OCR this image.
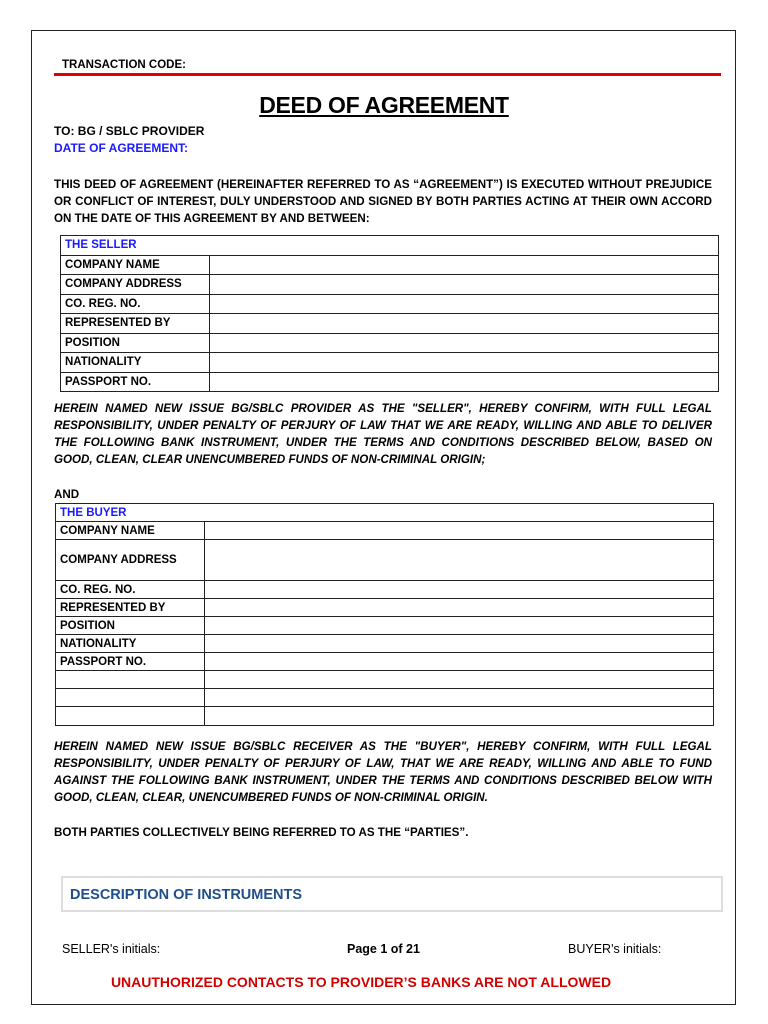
TRANSACTION CODE:
DEED OF AGREEMENT
TO: BG / SBLC PROVIDER
DATE OF AGREEMENT:
THIS DEED OF AGREEMENT (HEREINAFTER REFERRED TO AS “AGREEMENT”) IS EXECUTED WITHOUT PREJUDICE OR CONFLICT OF INTEREST, DULY UNDERSTOOD AND SIGNED BY BOTH PARTIES ACTING AT THEIR OWN ACCORD ON THE DATE OF THIS AGREEMENT BY AND BETWEEN:
THE SELLER	
COMPANY NAME	
COMPANY ADDRESS	
CO. REG. NO.	
REPRESENTED BY	
POSITION	
NATIONALITY	
PASSPORT NO.	
HEREIN NAMED NEW ISSUE BG/SBLC PROVIDER AS THE "SELLER", HEREBY CONFIRM, WITH FULL LEGAL RESPONSIBILITY, UNDER PENALTY OF PERJURY OF LAW THAT WE ARE READY, WILLING AND ABLE TO DELIVER THE FOLLOWING BANK INSTRUMENT, UNDER THE TERMS AND CONDITIONS DESCRIBED BELOW, BASED ON GOOD, CLEAN, CLEAR UNENCUMBERED FUNDS OF NON-CRIMINAL ORIGIN;
AND
THE BUYER	
COMPANY NAME	
COMPANY ADDRESS	
CO. REG. NO.	
REPRESENTED BY	
POSITION	
NATIONALITY	
PASSPORT NO.	

HEREIN NAMED NEW ISSUE BG/SBLC RECEIVER AS THE "BUYER", HEREBY CONFIRM, WITH FULL LEGAL RESPONSIBILITY, UNDER PENALTY OF PERJURY OF LAW, THAT WE ARE READY, WILLING AND ABLE TO FUND AGAINST THE FOLLOWING BANK INSTRUMENT, UNDER THE TERMS AND CONDITIONS DESCRIBED BELOW WITH GOOD, CLEAN, CLEAR, UNENCUMBERED FUNDS OF NON-CRIMINAL ORIGIN.
BOTH PARTIES COLLECTIVELY BEING REFERRED TO AS THE “PARTIES”.
DESCRIPTION OF INSTRUMENTS
SELLER's initials:	Page 1 of 21	BUYER's initials:
UNAUTHORIZED CONTACTS TO PROVIDER’S BANKS ARE NOT ALLOWED
